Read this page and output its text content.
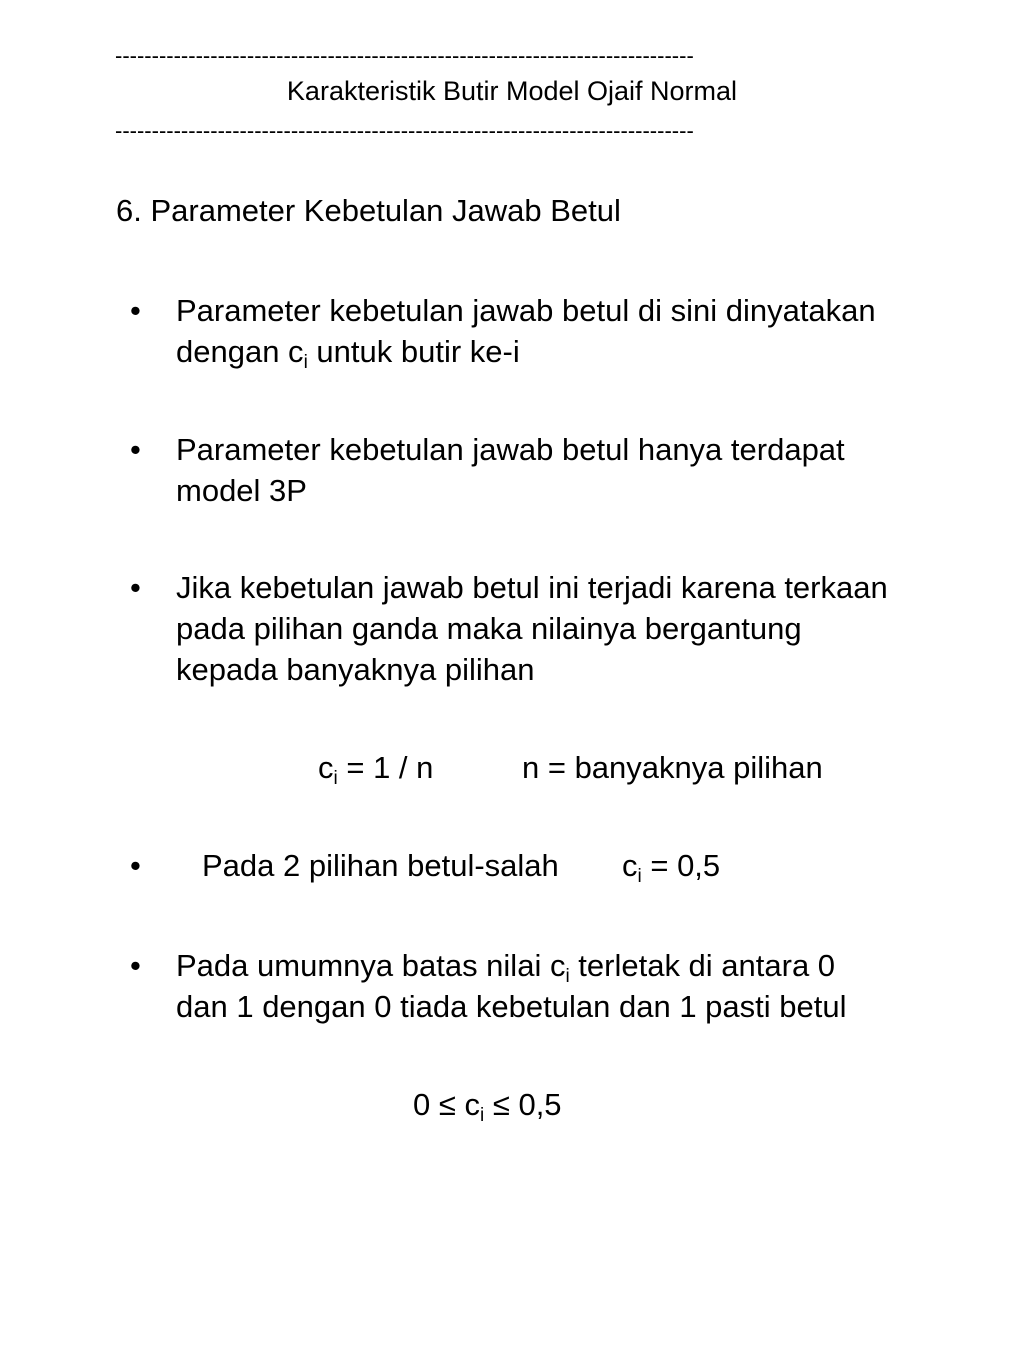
-------------------------------------------------------------------------------
Karakteristik Butir Model Ojaif Normal
-------------------------------------------------------------------------------
6. Parameter Kebetulan Jawab Betul
• Parameter kebetulan jawab betul di sini dinyatakan
dengan $c_i$ untuk butir ke-i
• Parameter kebetulan jawab betul hanya terdapat
model 3P
• Jika kebetulan jawab betul ini terjadi karena terkaan
pada pilihan ganda maka nilainya bergantung
kepada banyaknya pilihan
$c_i = 1 / n$	n = banyaknya pilihan
• Pada 2 pilihan betul-salah $c_i = 0,5$
• Pada umumnya batas nilai $c_i$ terletak di antara 0
dan 1 dengan 0 tiada kebetulan dan 1 pasti betul
$0 \le c_i \le 0,5$
